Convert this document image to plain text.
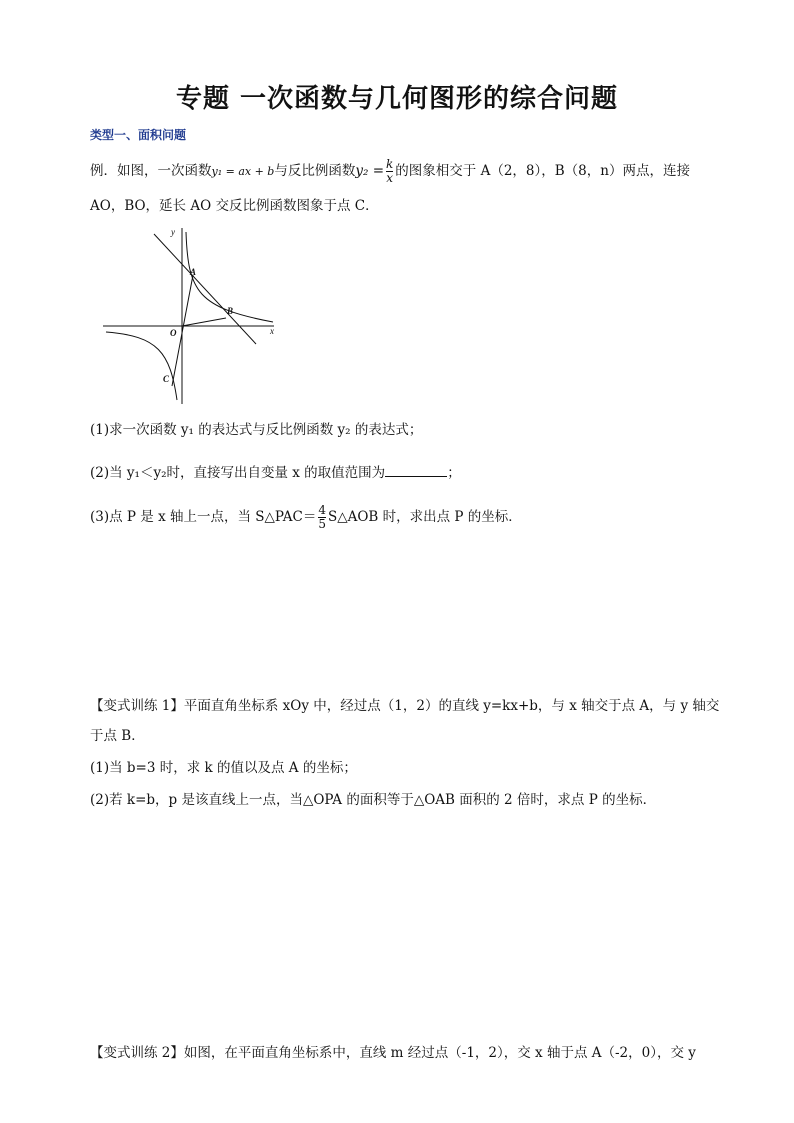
专题 一次函数与几何图形的综合问题
类型一、面积问题
例．如图，一次函数y₁ = ax + b与反比例函数$y_2 = \frac{k}{x}$ 的图象相交于 A（2，8），B（8，n）两点，连接
AO，BO，延长 AO 交反比例函数图象于点 C．
y
x
A
B
O
C
(1)求一次函数 y₁ 的表达式与反比例函数 y₂ 的表达式；
(2)当 y₁＜y₂时，直接写出自变量 x 的取值范围为	；
(3)点 P 是 x 轴上一点，当 S△PAC＝ $\frac{4}{5}$ S△AOB 时，求出点 P 的坐标．
【变式训练 1】平面直角坐标系 xOy 中，经过点（1，2）的直线 y=kx+b，与 x 轴交于点 A，与 y 轴交
于点 B．
(1)当 b=3 时，求 k 的值以及点 A 的坐标；
(2)若 k=b，p 是该直线上一点，当△OPA 的面积等于△OAB 面积的 2 倍时，求点 P 的坐标．
【变式训练 2】如图，在平面直角坐标系中，直线 m 经过点（-1，2），交 x 轴于点 A（-2，0），交 y
